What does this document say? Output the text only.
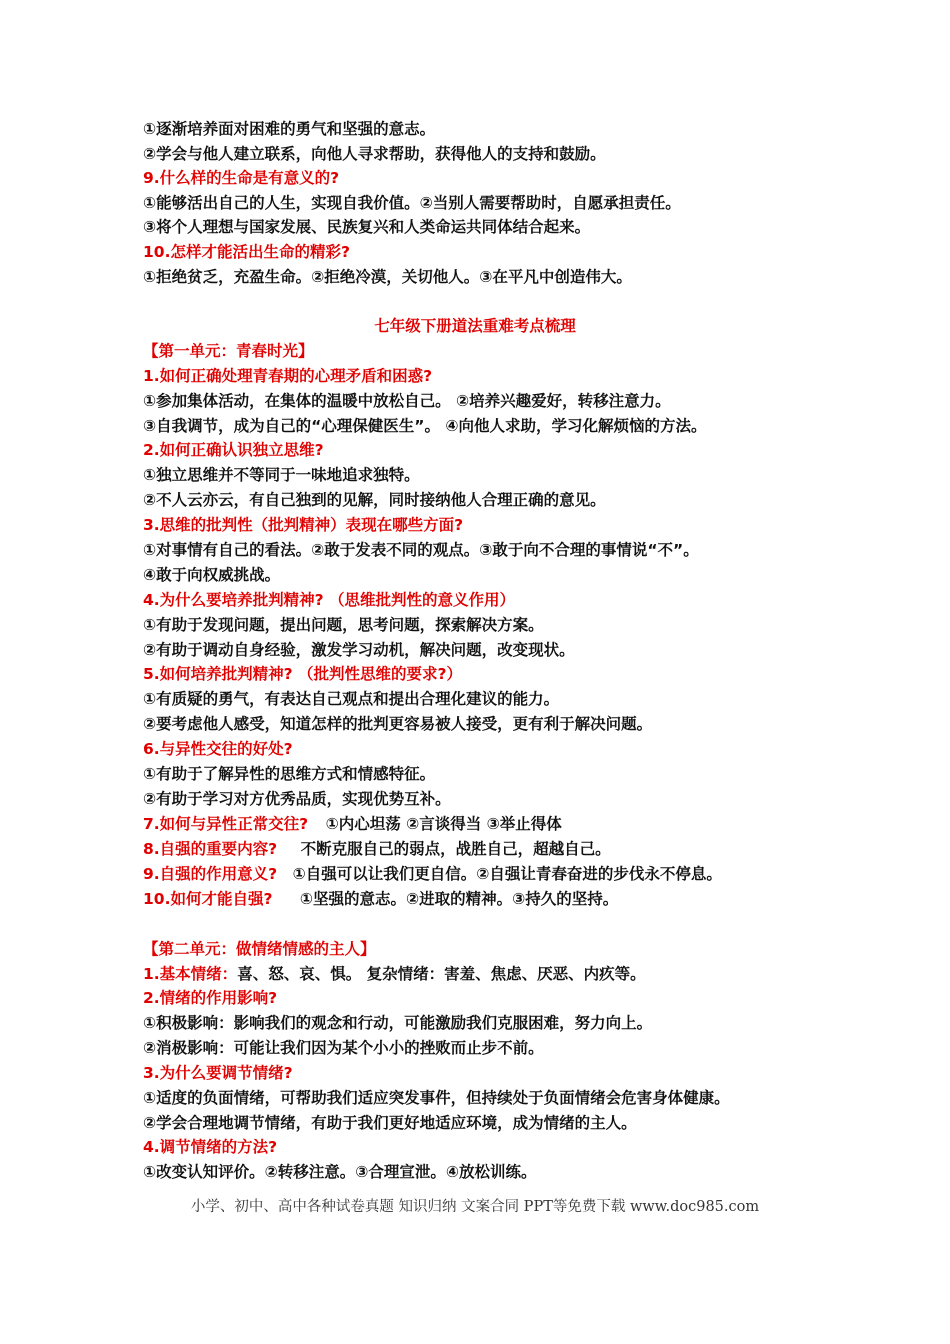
①逐渐培养面对困难的勇气和坚强的意志。
②学会与他人建立联系，向他人寻求帮助，获得他人的支持和鼓励。
9.什么样的生命是有意义的?
①能够活出自己的人生，实现自我价值。②当别人需要帮助时，自愿承担责任。
③将个人理想与国家发展、民族复兴和人类命运共同体结合起来。
10.怎样才能活出生命的精彩?
①拒绝贫乏，充盈生命。②拒绝冷漠，关切他人。③在平凡中创造伟大。
七年级下册道法重难考点梳理
【第一单元：青春时光】
1.如何正确处理青春期的心理矛盾和困惑?
①参加集体活动，在集体的温暖中放松自己。 ②培养兴趣爱好，转移注意力。
③自我调节，成为自己的“心理保健医生”。 ④向他人求助，学习化解烦恼的方法。
2.如何正确认识独立思维?
①独立思维并不等同于一味地追求独特。
②不人云亦云，有自己独到的见解，同时接纳他人合理正确的意见。
3.思维的批判性（批判精神）表现在哪些方面?
①对事情有自己的看法。②敢于发表不同的观点。③敢于向不合理的事情说“不”。
④敢于向权威挑战。
4.为什么要培养批判精神? （思维批判性的意义作用）
①有助于发现问题，提出问题，思考问题，探索解决方案。
②有助于调动自身经验，激发学习动机，解决问题，改变现状。
5.如何培养批判精神? （批判性思维的要求?）
①有质疑的勇气，有表达自己观点和提出合理化建议的能力。
②要考虑他人感受，知道怎样的批判更容易被人接受，更有利于解决问题。
6.与异性交往的好处?
①有助于了解异性的思维方式和情感特征。
②有助于学习对方优秀品质，实现优势互补。
7.如何与异性正常交往? ①内心坦荡 ②言谈得当 ③举止得体
8.自强的重要内容? 不断克服自己的弱点，战胜自己，超越自己。
9.自强的作用意义? ①自强可以让我们更自信。②自强让青春奋进的步伐永不停息。
10.如何才能自强? ①坚强的意志。②进取的精神。③持久的坚持。
【第二单元：做情绪情感的主人】
1.基本情绪：喜、怒、哀、惧。 复杂情绪：害羞、焦虑、厌恶、内疚等。
2.情绪的作用影响?
①积极影响：影响我们的观念和行动，可能激励我们克服困难，努力向上。
②消极影响：可能让我们因为某个小小的挫败而止步不前。
3.为什么要调节情绪?
①适度的负面情绪，可帮助我们适应突发事件，但持续处于负面情绪会危害身体健康。
②学会合理地调节情绪，有助于我们更好地适应环境，成为情绪的主人。
4.调节情绪的方法?
①改变认知评价。②转移注意。③合理宣泄。④放松训练。
小学、初中、高中各种试卷真题 知识归纳 文案合同 PPT等免费下载 www.doc985.com
